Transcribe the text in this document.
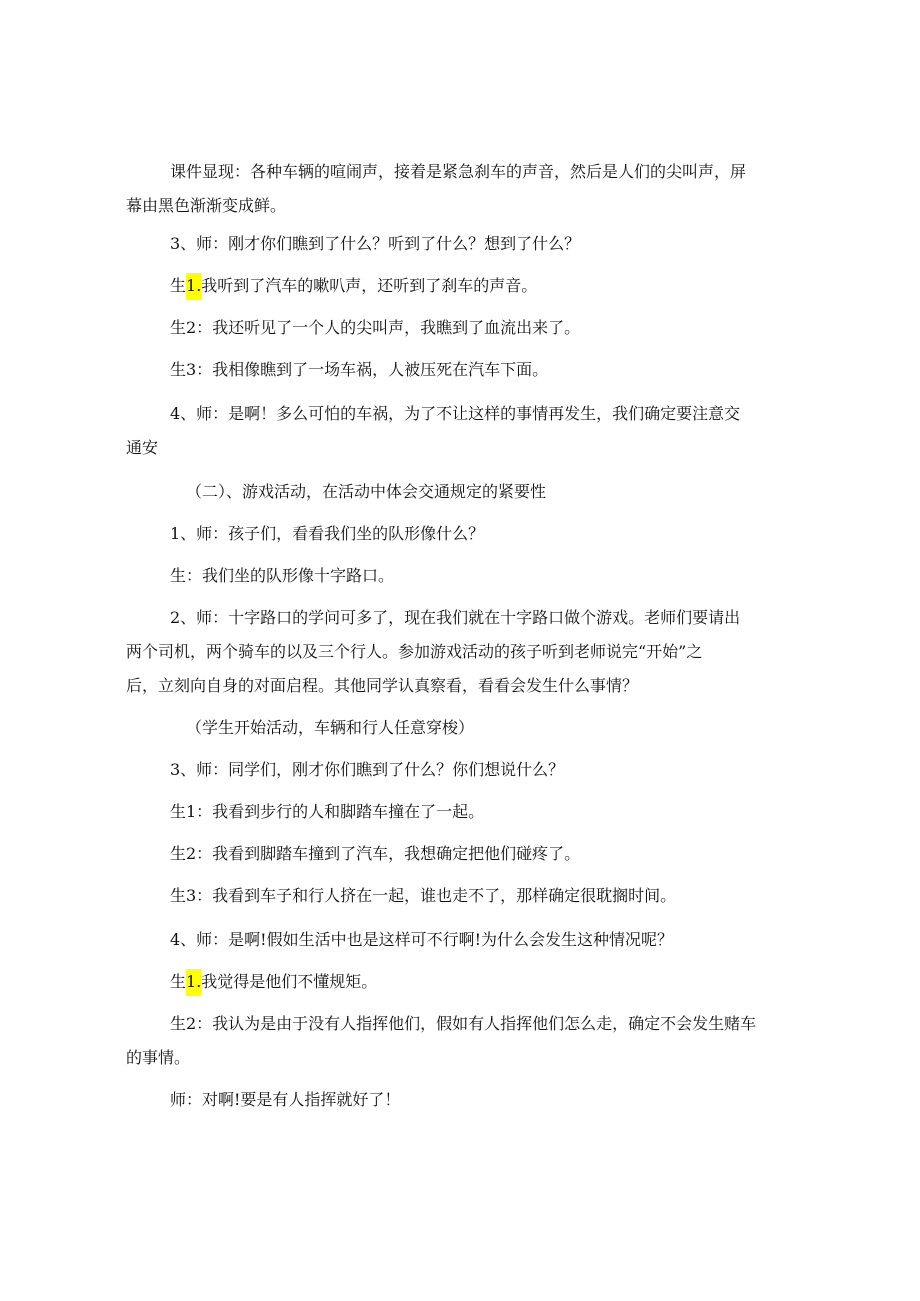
课件显现：各种车辆的喧闹声，接着是紧急刹车的声音，然后是人们的尖叫声，屏
幕由黑色渐渐变成鲜。
3、师：刚才你们瞧到了什么？听到了什么？想到了什么？
生1.我听到了汽车的嗽叭声，还听到了刹车的声音。
生2：我还听见了一个人的尖叫声，我瞧到了血流出来了。
生3：我相像瞧到了一场车祸，人被压死在汽车下面。
4、师：是啊！多么可怕的车祸，为了不让这样的事情再发生，我们确定要注意交
通安
（二）、游戏活动，在活动中体会交通规定的紧要性
1、师：孩子们，看看我们坐的队形像什么？
生：我们坐的队形像十字路口。
2、师：十字路口的学问可多了，现在我们就在十字路口做个游戏。老师们要请出
两个司机，两个骑车的以及三个行人。参加游戏活动的孩子听到老师说完“开始”之
后，立刻向自身的对面启程。其他同学认真察看，看看会发生什么事情？
（学生开始活动，车辆和行人任意穿梭）
3、师：同学们，刚才你们瞧到了什么？你们想说什么？
生1：我看到步行的人和脚踏车撞在了一起。
生2：我看到脚踏车撞到了汽车，我想确定把他们碰疼了。
生3：我看到车子和行人挤在一起，谁也走不了，那样确定很耽搁时间。
4、师：是啊!假如生活中也是这样可不行啊!为什么会发生这种情况呢？
生1.我觉得是他们不懂规矩。
生2：我认为是由于没有人指挥他们，假如有人指挥他们怎么走，确定不会发生赌车
的事情。
师：对啊!要是有人指挥就好了！
